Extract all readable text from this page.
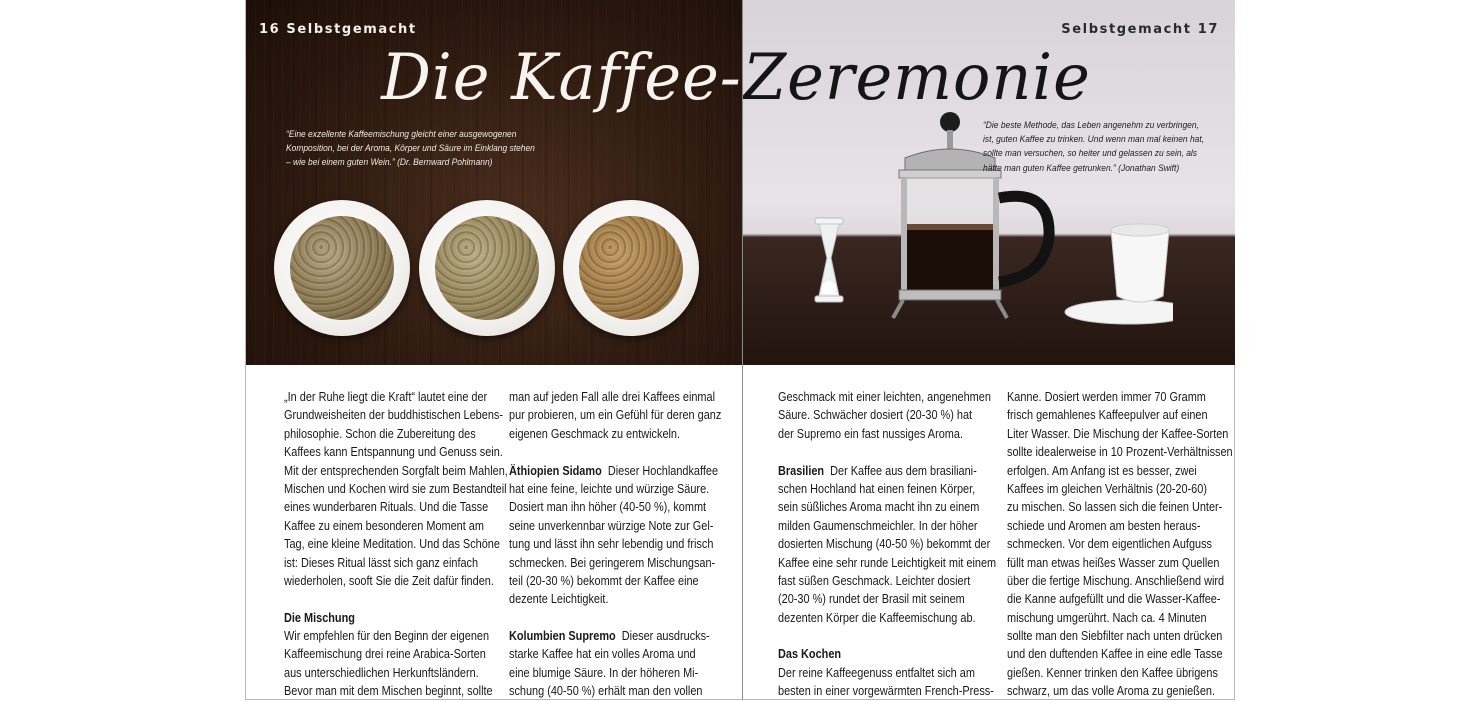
16 Selbstgemacht
Die Kaffee-
“Eine exzellente Kaffeemischung gleicht einer ausgewogenen Komposition, bei der Aroma, Körper und Säure im Einklang stehen – wie bei einem guten Wein.” (Dr. Bernward Pohlmann)
„In der Ruhe liegt die Kraft“ lautet eine der
Grundweisheiten der buddhistischen Lebens-
philosophie. Schon die Zubereitung des
Kaffees kann Entspannung und Genuss sein.
Mit der entsprechenden Sorgfalt beim Mahlen,
Mischen und Kochen wird sie zum Bestandteil
eines wunderbaren Rituals. Und die Tasse
Kaffee zu einem besonderen Moment am
Tag, eine kleine Meditation. Und das Schöne
ist: Dieses Ritual lässt sich ganz einfach
wiederholen, sooft Sie die Zeit dafür finden.
Die Mischung
Wir empfehlen für den Beginn der eigenen
Kaffeemischung drei reine Arabica-Sorten
aus unterschiedlichen Herkunftsländern.
Bevor man mit dem Mischen beginnt, sollte
man auf jeden Fall alle drei Kaffees einmal
pur probieren, um ein Gefühl für deren ganz
eigenen Geschmack zu entwickeln.
Äthiopien Sidamo Dieser Hochlandkaffee
hat eine feine, leichte und würzige Säure.
Dosiert man ihn höher (40-50 %), kommt
seine unverkennbar würzige Note zur Gel-
tung und lässt ihn sehr lebendig und frisch
schmecken. Bei geringerem Mischungsan-
teil (20-30 %) bekommt der Kaffee eine
dezente Leichtigkeit.
Kolumbien Supremo Dieser ausdrucks-
starke Kaffee hat ein volles Aroma und
eine blumige Säure. In der höheren Mi-
schung (40-50 %) erhält man den vollen
Selbstgemacht 17
Zeremonie
“Die beste Methode, das Leben angenehm zu verbringen, ist, guten Kaffee zu trinken. Und wenn man mal keinen hat, sollte man versuchen, so heiter und gelassen zu sein, als hätte man guten Kaffee getrunken.” (Jonathan Swift)
Geschmack mit einer leichten, angenehmen
Säure. Schwächer dosiert (20-30 %) hat
der Supremo ein fast nussiges Aroma.
Brasilien Der Kaffee aus dem brasiliani-
schen Hochland hat einen feinen Körper,
sein süßliches Aroma macht ihn zu einem
milden Gaumenschmeichler. In der höher
dosierten Mischung (40-50 %) bekommt der
Kaffee eine sehr runde Leichtigkeit mit einem
fast süßen Geschmack. Leichter dosiert
(20-30 %) rundet der Brasil mit seinem
dezenten Körper die Kaffeemischung ab.
Das Kochen
Der reine Kaffeegenuss entfaltet sich am
besten in einer vorgewärmten French-Press-
Kanne. Dosiert werden immer 70 Gramm
frisch gemahlenes Kaffeepulver auf einen
Liter Wasser. Die Mischung der Kaffee-Sorten
sollte idealerweise in 10 Prozent-Verhältnissen
erfolgen. Am Anfang ist es besser, zwei
Kaffees im gleichen Verhältnis (20-20-60)
zu mischen. So lassen sich die feinen Unter-
schiede und Aromen am besten heraus-
schmecken. Vor dem eigentlichen Aufguss
füllt man etwas heißes Wasser zum Quellen
über die fertige Mischung. Anschließend wird
die Kanne aufgefüllt und die Wasser-Kaffee-
mischung umgerührt. Nach ca. 4 Minuten
sollte man den Siebfilter nach unten drücken
und den duftenden Kaffee in eine edle Tasse
gießen. Kenner trinken den Kaffee übrigens
schwarz, um das volle Aroma zu genießen.
